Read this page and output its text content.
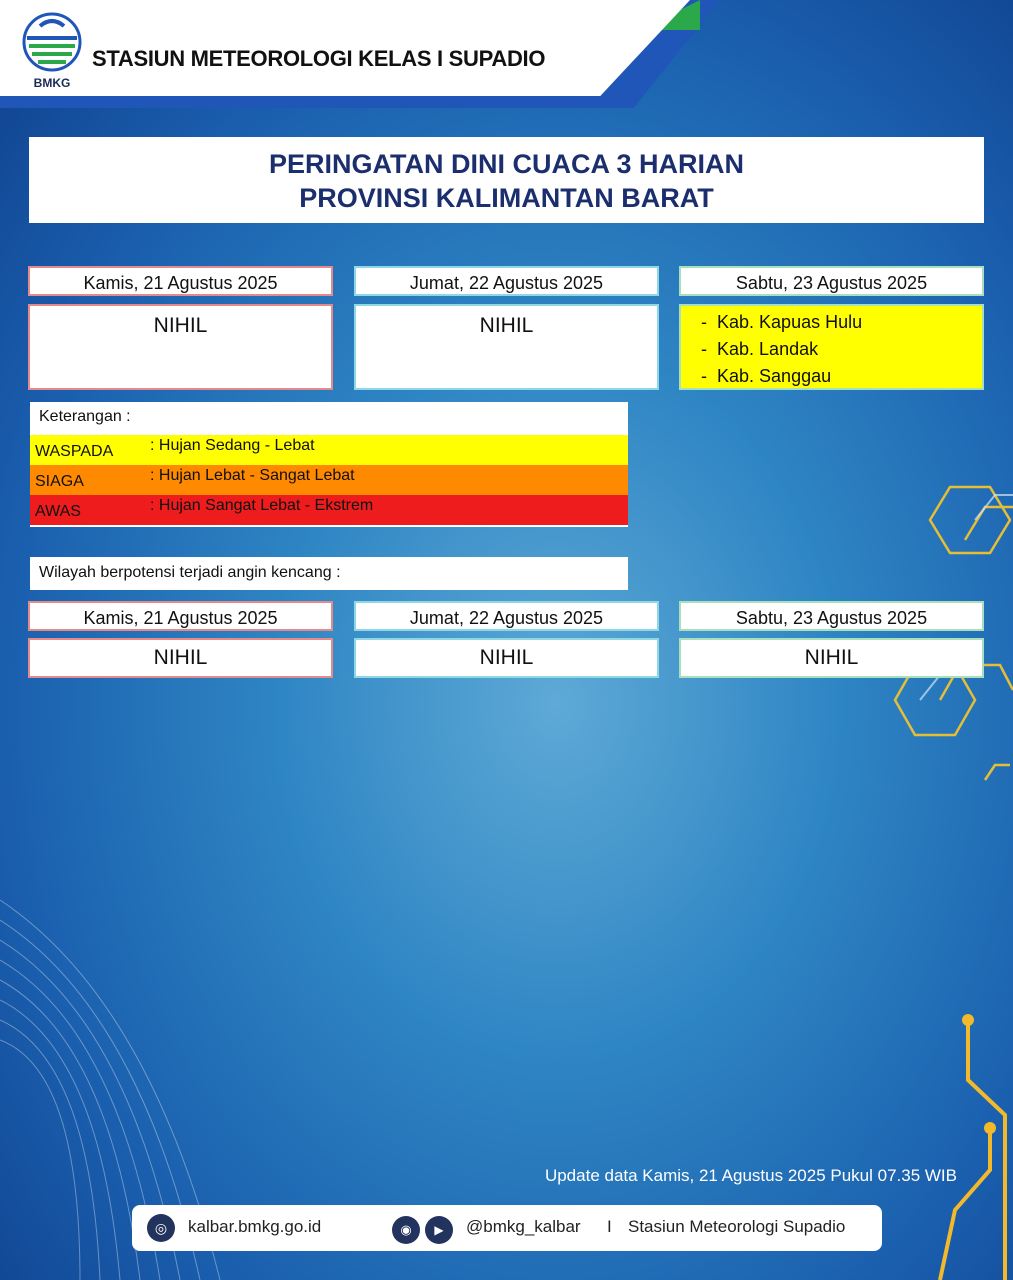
BMKG
STASIUN METEOROLOGI KELAS I SUPADIO
PERINGATAN DINI CUACA 3 HARIAN
PROVINSI KALIMANTAN BARAT
Kamis, 21 Agustus 2025	Jumat, 22 Agustus 2025	Sabtu, 23 Agustus 2025
NIHIL	NIHIL	- Kab. Kapuas Hulu
- Kab. Landak
- Kab. Sanggau
Keterangan :
WASPADA : Hujan Sedang - Lebat
SIAGA	: Hujan Lebat - Sangat Lebat
AWAS	: Hujan Sangat Lebat - Ekstrem
Wilayah berpotensi terjadi angin kencang :
Kamis, 21 Agustus 2025	Jumat, 22 Agustus 2025	Sabtu, 23 Agustus 2025
NIHIL	NIHIL	NIHIL
Update data Kamis, 21 Agustus 2025 Pukul 07.35 WIB
◎	kalbar.bmkg.go.id	◉	▶	@bmkg_kalbar I Stasiun Meteorologi Supadio
